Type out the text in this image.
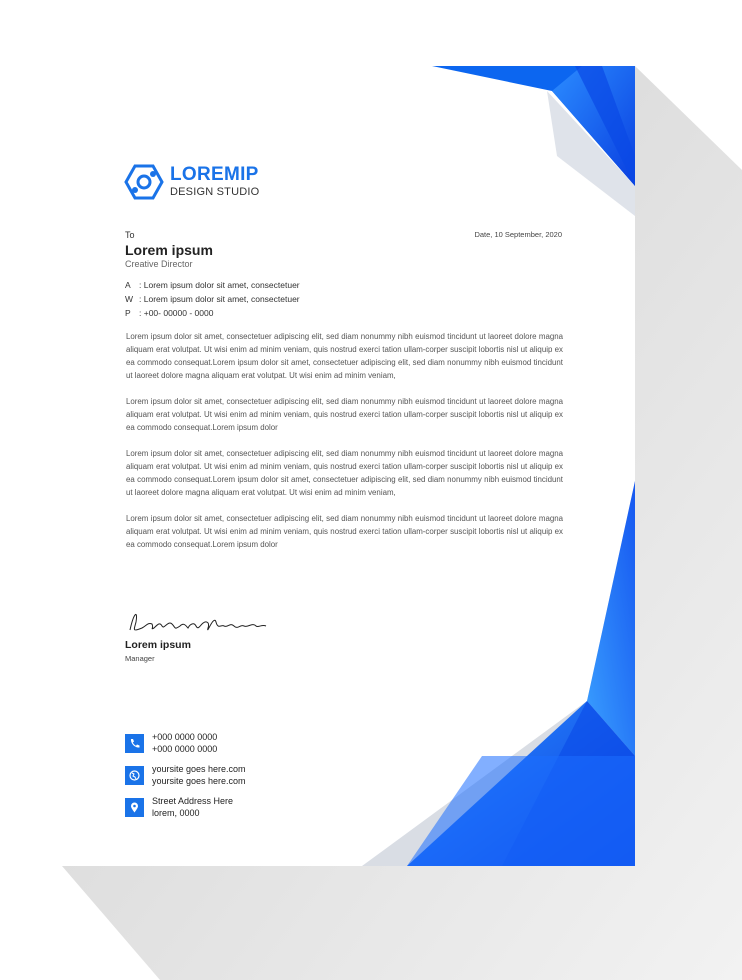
LOREMIP
DESIGN STUDIO
To	Date, 10 September, 2020
Lorem ipsum
Creative Director
A : Lorem ipsum dolor sit amet, consectetuer
W : Lorem ipsum dolor sit amet, consectetuer
P : +00- 00000 - 0000

Lorem ipsum dolor sit amet, consectetuer adipiscing elit, sed diam nonummy nibh euismod tincidunt ut laoreet dolore magna aliquam erat volutpat. Ut wisi enim ad minim veniam, quis nostrud exerci tation ullam-corper suscipit lobortis nisl ut aliquip ex ea commodo consequat.Lorem ipsum dolor sit amet, consectetuer adipiscing elit, sed diam nonummy nibh euismod tincidunt ut laoreet dolore magna aliquam erat volutpat. Ut wisi enim ad minim veniam,

Lorem ipsum dolor sit amet, consectetuer adipiscing elit, sed diam nonummy nibh euismod tincidunt ut laoreet dolore magna aliquam erat volutpat. Ut wisi enim ad minim veniam, quis nostrud exerci tation ullam-corper suscipit lobortis nisl ut aliquip ex ea commodo consequat.Lorem ipsum dolor

Lorem ipsum dolor sit amet, consectetuer adipiscing elit, sed diam nonummy nibh euismod tincidunt ut laoreet dolore magna aliquam erat volutpat. Ut wisi enim ad minim veniam, quis nostrud exerci tation ullam-corper suscipit lobortis nisl ut aliquip ex ea commodo consequat.Lorem ipsum dolor sit amet, consectetuer adipiscing elit, sed diam nonummy nibh euismod tincidunt ut laoreet dolore magna aliquam erat volutpat. Ut wisi enim ad minim veniam,

Lorem ipsum dolor sit amet, consectetuer adipiscing elit, sed diam nonummy nibh euismod tincidunt ut laoreet dolore magna aliquam erat volutpat. Ut wisi enim ad minim veniam, quis nostrud exerci tation ullam-corper suscipit lobortis nisl ut aliquip ex ea commodo consequat.Lorem ipsum dolor

Lorem ipsum
Manager
+000 0000 0000
+000 0000 0000
yoursite goes here.com
yoursite goes here.com
Street Address Here
lorem, 0000
